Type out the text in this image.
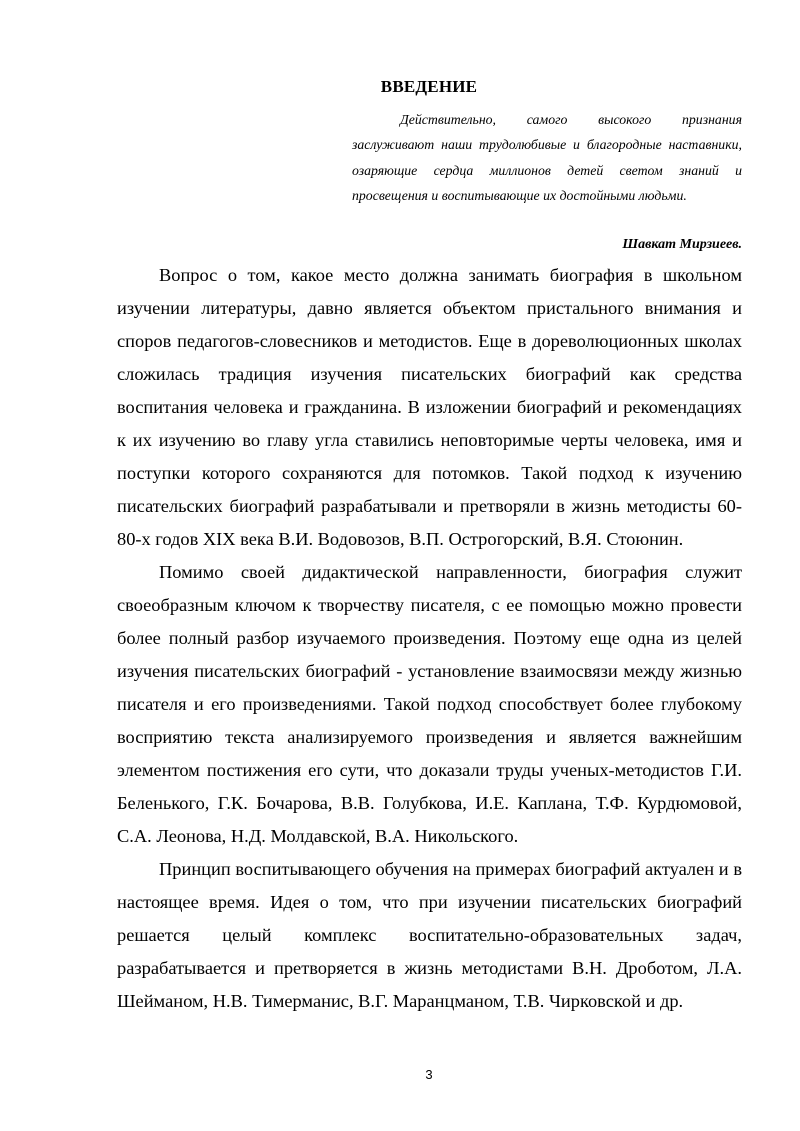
ВВЕДЕНИЕ
Действительно, самого высокого признания заслуживают наши трудолюбивые и благородные наставники, озаряющие сердца миллионов детей светом знаний и просвещения и воспитывающие их достойными людьми.
Шавкат Мирзиеев.

Вопрос о том, какое место должна занимать биография в школьном изучении литературы, давно является объектом пристального внимания и споров педагогов-словесников и методистов. Еще в дореволюционных школах сложилась традиция изучения писательских биографий как средства воспитания человека и гражданина. В изложении биографий и рекомендациях к их изучению во главу угла ставились неповторимые черты человека, имя и поступки которого сохраняются для потомков. Такой подход к изучению писательских биографий разрабатывали и претворяли в жизнь методисты 60-80-х годов XIX века В.И. Водовозов, В.П. Острогорский, В.Я. Стоюнин.

Помимо своей дидактической направленности, биография служит своеобразным ключом к творчеству писателя, с ее помощью можно провести более полный разбор изучаемого произведения. Поэтому еще одна из целей изучения писательских биографий - установление взаимосвязи между жизнью писателя и его произведениями. Такой подход способствует более глубокому восприятию текста анализируемого произведения и является важнейшим элементом постижения его сути, что доказали труды ученых-методистов Г.И. Беленького, Г.К. Бочарова, В.В. Голубкова, И.Е. Каплана, Т.Ф. Курдюмовой, С.А. Леонова, Н.Д. Молдавской, В.А. Никольского.

Принцип воспитывающего обучения на примерах биографий актуален и в настоящее время. Идея о том, что при изучении писательских биографий решается целый комплекс воспитательно-образовательных задач, разрабатывается и претворяется в жизнь методистами В.Н. Дроботом, Л.А. Шейманом, Н.В. Тимерманис, В.Г. Маранцманом, Т.В. Чирковской и др.

3
